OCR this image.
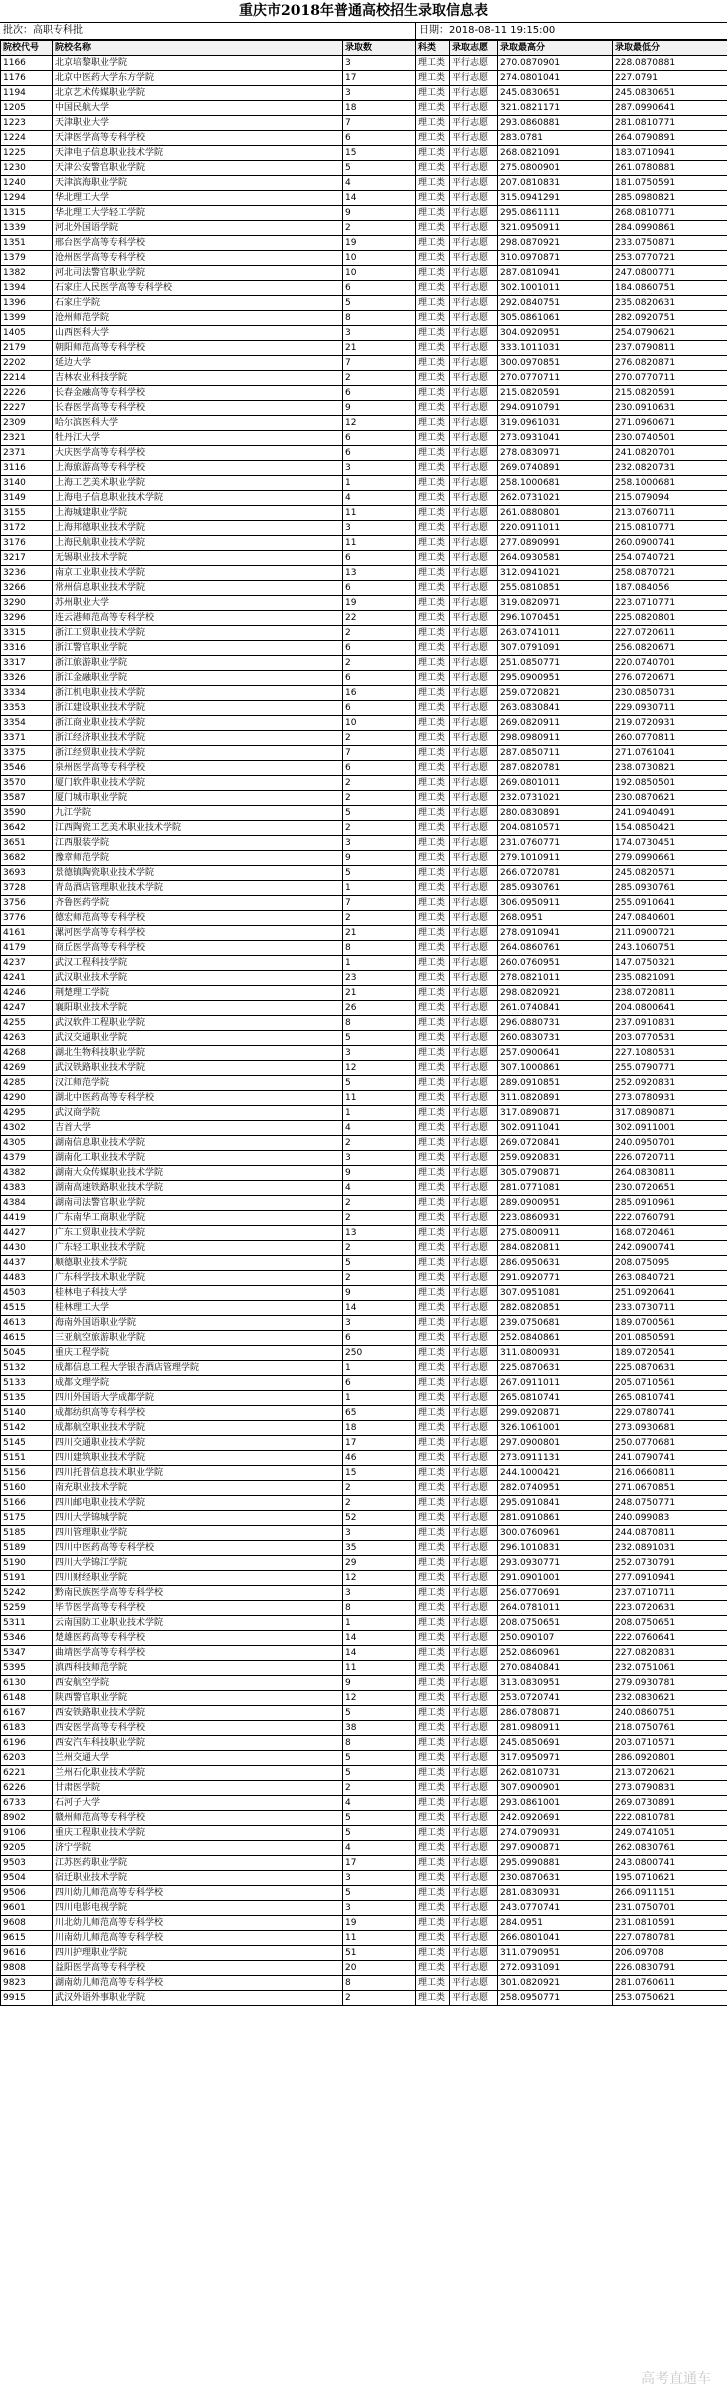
重庆市2018年普通高校招生录取信息表
批次：高职专科批	日期：2018-08-11 19:15:00
院校代号	院校名称	录取数	科类	录取志愿	录取最高分	录取最低分
1166	北京培黎职业学院	3	理工类	平行志愿	270.0870901	228.0870881
1176	北京中医药大学东方学院	17	理工类	平行志愿	274.0801041	227.0791
1194	北京艺术传媒职业学院	3	理工类	平行志愿	245.0830651	245.0830651
1205	中国民航大学	18	理工类	平行志愿	321.0821171	287.0990641
1223	天津职业大学	7	理工类	平行志愿	293.0860881	281.0810771
1224	天津医学高等专科学校	6	理工类	平行志愿	283.0781	264.0790891
1225	天津电子信息职业技术学院	15	理工类	平行志愿	268.0821091	183.0710941
1230	天津公安警官职业学院	5	理工类	平行志愿	275.0800901	261.0780881
1240	天津滨海职业学院	4	理工类	平行志愿	207.0810831	181.0750591
1294	华北理工大学	14	理工类	平行志愿	315.0941291	285.0980821
1315	华北理工大学轻工学院	9	理工类	平行志愿	295.0861111	268.0810771
1339	河北外国语学院	2	理工类	平行志愿	321.0950911	284.0990861
1351	邢台医学高等专科学校	19	理工类	平行志愿	298.0870921	233.0750871
1379	沧州医学高等专科学校	10	理工类	平行志愿	310.0970871	253.0770721
1382	河北司法警官职业学院	10	理工类	平行志愿	287.0810941	247.0800771
1394	石家庄人民医学高等专科学校	6	理工类	平行志愿	302.1001011	184.0860751
1396	石家庄学院	5	理工类	平行志愿	292.0840751	235.0820631
1399	沧州师范学院	8	理工类	平行志愿	305.0861061	282.0920751
1405	山西医科大学	3	理工类	平行志愿	304.0920951	254.0790621
2179	朝阳师范高等专科学校	21	理工类	平行志愿	333.1011031	237.0790811
2202	延边大学	7	理工类	平行志愿	300.0970851	276.0820871
2214	吉林农业科技学院	2	理工类	平行志愿	270.0770711	270.0770711
2226	长春金融高等专科学校	6	理工类	平行志愿	215.0820591	215.0820591
2227	长春医学高等专科学校	9	理工类	平行志愿	294.0910791	230.0910631
2309	哈尔滨医科大学	12	理工类	平行志愿	319.0961031	271.0960671
2321	牡丹江大学	6	理工类	平行志愿	273.0931041	230.0740501
2371	大庆医学高等专科学校	6	理工类	平行志愿	278.0830971	241.0820701
3116	上海旅游高等专科学校	3	理工类	平行志愿	269.0740891	232.0820731
3140	上海工艺美术职业学院	1	理工类	平行志愿	258.1000681	258.1000681
3149	上海电子信息职业技术学院	4	理工类	平行志愿	262.0731021	215.079094
3155	上海城建职业学院	11	理工类	平行志愿	261.0880801	213.0760711
3172	上海邦德职业技术学院	3	理工类	平行志愿	220.0911011	215.0810771
3176	上海民航职业技术学院	11	理工类	平行志愿	277.0890991	260.0900741
3217	无锡职业技术学院	6	理工类	平行志愿	264.0930581	254.0740721
3236	南京工业职业技术学院	13	理工类	平行志愿	312.0941021	258.0870721
3266	常州信息职业技术学院	6	理工类	平行志愿	255.0810851	187.084056
3290	苏州职业大学	19	理工类	平行志愿	319.0820971	223.0710771
3296	连云港师范高等专科学校	22	理工类	平行志愿	296.1070451	225.0820801
3315	浙江工贸职业技术学院	2	理工类	平行志愿	263.0741011	227.0720611
3316	浙江警官职业学院	6	理工类	平行志愿	307.0791091	256.0820671
3317	浙江旅游职业学院	2	理工类	平行志愿	251.0850771	220.0740701
3326	浙江金融职业学院	6	理工类	平行志愿	295.0900951	276.0720671
3334	浙江机电职业技术学院	16	理工类	平行志愿	259.0720821	230.0850731
3353	浙江建设职业技术学院	6	理工类	平行志愿	263.0830841	229.0930711
3354	浙江商业职业技术学院	10	理工类	平行志愿	269.0820911	219.0720931
3371	浙江经济职业技术学院	2	理工类	平行志愿	298.0980911	260.0770811
3375	浙江经贸职业技术学院	7	理工类	平行志愿	287.0850711	271.0761041
3546	泉州医学高等专科学校	6	理工类	平行志愿	287.0820781	238.0730821
3570	厦门软件职业技术学院	2	理工类	平行志愿	269.0801011	192.0850501
3587	厦门城市职业学院	2	理工类	平行志愿	232.0731021	230.0870621
3590	九江学院	5	理工类	平行志愿	280.0830891	241.0940491
3642	江西陶瓷工艺美术职业技术学院	2	理工类	平行志愿	204.0810571	154.0850421
3651	江西服装学院	3	理工类	平行志愿	231.0760771	174.0730451
3682	豫章师范学院	9	理工类	平行志愿	279.1010911	279.0990661
3693	景德镇陶瓷职业技术学院	5	理工类	平行志愿	266.0720781	245.0820571
3728	青岛酒店管理职业技术学院	1	理工类	平行志愿	285.0930761	285.0930761
3756	齐鲁医药学院	7	理工类	平行志愿	306.0950911	255.0910641
3776	德宏师范高等专科学校	2	理工类	平行志愿	268.0951	247.0840601
4161	漯河医学高等专科学校	21	理工类	平行志愿	278.0910941	211.0900721
4179	商丘医学高等专科学校	8	理工类	平行志愿	264.0860761	243.1060751
4237	武汉工程科技学院	1	理工类	平行志愿	260.0760951	147.0750321
4241	武汉职业技术学院	23	理工类	平行志愿	278.0821011	235.0821091
4246	荆楚理工学院	21	理工类	平行志愿	298.0820921	238.0720811
4247	襄阳职业技术学院	26	理工类	平行志愿	261.0740841	204.0800641
4255	武汉软件工程职业学院	8	理工类	平行志愿	296.0880731	237.0910831
4263	武汉交通职业学院	5	理工类	平行志愿	260.0830731	203.0770531
4268	湖北生物科技职业学院	3	理工类	平行志愿	257.0900641	227.1080531
4269	武汉铁路职业技术学院	12	理工类	平行志愿	307.1000861	255.0790771
4285	汉江师范学院	5	理工类	平行志愿	289.0910851	252.0920831
4290	湖北中医药高等专科学校	11	理工类	平行志愿	311.0820891	273.0780931
4295	武汉商学院	1	理工类	平行志愿	317.0890871	317.0890871
4302	吉首大学	4	理工类	平行志愿	302.0911041	302.0911001
4305	湖南信息职业技术学院	2	理工类	平行志愿	269.0720841	240.0950701
4379	湖南化工职业技术学院	3	理工类	平行志愿	259.0920831	226.0720711
4382	湖南大众传媒职业技术学院	9	理工类	平行志愿	305.0790871	264.0830811
4383	湖南高速铁路职业技术学院	4	理工类	平行志愿	281.0771081	230.0720651
4384	湖南司法警官职业学院	2	理工类	平行志愿	289.0900951	285.0910961
4419	广东南华工商职业学院	2	理工类	平行志愿	223.0860931	222.0760791
4427	广东工贸职业技术学院	13	理工类	平行志愿	275.0800911	168.0720461
4430	广东轻工职业技术学院	2	理工类	平行志愿	284.0820811	242.0900741
4437	顺德职业技术学院	5	理工类	平行志愿	286.0950631	208.075095
4483	广东科学技术职业学院	2	理工类	平行志愿	291.0920771	263.0840721
4503	桂林电子科技大学	9	理工类	平行志愿	307.0951081	251.0920641
4515	桂林理工大学	14	理工类	平行志愿	282.0820851	233.0730711
4613	海南外国语职业学院	3	理工类	平行志愿	239.0750681	189.0700561
4615	三亚航空旅游职业学院	6	理工类	平行志愿	252.0840861	201.0850591
5045	重庆工程学院	250	理工类	平行志愿	311.0800931	189.0720541
5132	成都信息工程大学银杏酒店管理学院	1	理工类	平行志愿	225.0870631	225.0870631
5133	成都文理学院	6	理工类	平行志愿	267.0911011	205.0710561
5135	四川外国语大学成都学院	1	理工类	平行志愿	265.0810741	265.0810741
5140	成都纺织高等专科学校	65	理工类	平行志愿	299.0920871	229.0780741
5142	成都航空职业技术学院	18	理工类	平行志愿	326.1061001	273.0930681
5145	四川交通职业技术学院	17	理工类	平行志愿	297.0900801	250.0770681
5151	四川建筑职业技术学院	46	理工类	平行志愿	273.0911131	241.0790741
5156	四川托普信息技术职业学院	15	理工类	平行志愿	244.1000421	216.0660811
5160	南充职业技术学院	2	理工类	平行志愿	282.0740951	271.0670851
5166	四川邮电职业技术学院	2	理工类	平行志愿	295.0910841	248.0750771
5175	四川大学锦城学院	52	理工类	平行志愿	281.0910861	240.099083
5185	四川管理职业学院	3	理工类	平行志愿	300.0760961	244.0870811
5189	四川中医药高等专科学校	35	理工类	平行志愿	296.1010831	232.0891031
5190	四川大学锦江学院	29	理工类	平行志愿	293.0930771	252.0730791
5191	四川财经职业学院	12	理工类	平行志愿	291.0901001	277.0910941
5242	黔南民族医学高等专科学校	3	理工类	平行志愿	256.0770691	237.0710711
5259	毕节医学高等专科学校	8	理工类	平行志愿	264.0781011	223.0720631
5311	云南国防工业职业技术学院	1	理工类	平行志愿	208.0750651	208.0750651
5346	楚雄医药高等专科学校	14	理工类	平行志愿	250.090107	222.0760641
5347	曲靖医学高等专科学校	14	理工类	平行志愿	252.0860961	227.0820831
5395	滇西科技师范学院	11	理工类	平行志愿	270.0840841	232.0751061
6130	西安航空学院	9	理工类	平行志愿	313.0830951	279.0930781
6148	陕西警官职业学院	12	理工类	平行志愿	253.0720741	232.0830621
6167	西安铁路职业技术学院	5	理工类	平行志愿	286.0780871	240.0860751
6183	西安医学高等专科学校	38	理工类	平行志愿	281.0980911	218.0750761
6196	西安汽车科技职业学院	8	理工类	平行志愿	245.0850691	203.0710571
6203	兰州交通大学	5	理工类	平行志愿	317.0950971	286.0920801
6221	兰州石化职业技术学院	5	理工类	平行志愿	262.0810731	213.0720621
6226	甘肃医学院	2	理工类	平行志愿	307.0900901	273.0790831
6733	石河子大学	4	理工类	平行志愿	293.0861001	269.0730891
8902	赣州师范高等专科学校	5	理工类	平行志愿	242.0920691	222.0810781
9106	重庆工程职业技术学院	5	理工类	平行志愿	274.0790931	249.0741051
9205	济宁学院	4	理工类	平行志愿	297.0900871	262.0830761
9503	江苏医药职业学院	17	理工类	平行志愿	295.0990881	243.0800741
9504	宿迁职业技术学院	3	理工类	平行志愿	230.0870631	195.0710621
9506	四川幼儿师范高等专科学校	5	理工类	平行志愿	281.0830931	266.0911151
9601	四川电影电视学院	3	理工类	平行志愿	243.0770741	231.0750701
9608	川北幼儿师范高等专科学校	19	理工类	平行志愿	284.0951	231.0810591
9615	川南幼儿师范高等专科学校	11	理工类	平行志愿	266.0801041	227.0780781
9616	四川护理职业学院	51	理工类	平行志愿	311.0790951	206.09708
9808	益阳医学高等专科学校	20	理工类	平行志愿	272.0931091	226.0830791
9823	湖南幼儿师范高等专科学校	8	理工类	平行志愿	301.0820921	281.0760611
9915	武汉外语外事职业学院	2	理工类	平行志愿	258.0950771	253.0750621
高考直通车
